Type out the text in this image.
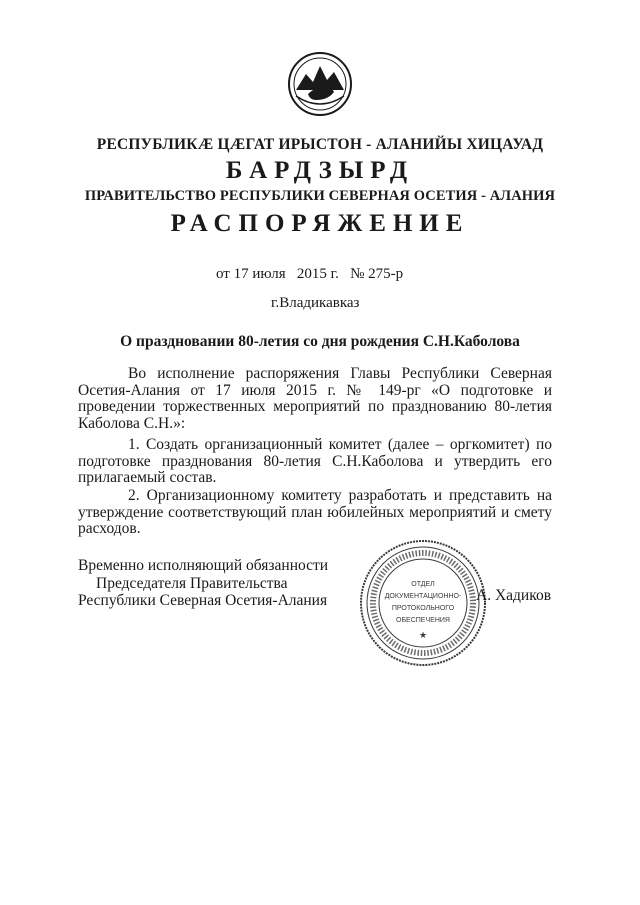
РЕСПУБЛИКÆ ЦÆГАТ ИРЫСТОН - АЛАНИЙЫ ХИЦАУАД
БАРДЗЫРД
ПРАВИТЕЛЬСТВО РЕСПУБЛИКИ СЕВЕРНАЯ ОСЕТИЯ - АЛАНИЯ
РАСПОРЯЖЕНИЕ
от 17 июля   2015 г.   № 275-р
г.Владикавказ
О праздновании 80-летия со дня рождения С.Н.Каболова
Во исполнение распоряжения Главы Республики Северная Осетия-Алания от 17 июля 2015 г. № 149-рг «О подготовке и проведении торжественных мероприятий по празднованию 80-летия Каболова С.Н.»:
1. Создать организационный комитет (далее – оргкомитет) по подготовке празднования 80-летия С.Н.Каболова и утвердить его прилагаемый состав.
2. Организационному комитету разработать и представить на утверждение соответствующий план юбилейных мероприятий и смету расходов.
Временно исполняющий обязанности
Председателя Правительства
Республики Северная Осетия-Алания
ОТДЕЛ
ДОКУМЕНТАЦИОННО-
ПРОТОКОЛЬНОГО
ОБЕСПЕЧЕНИЯ
★
А. Хадиков
